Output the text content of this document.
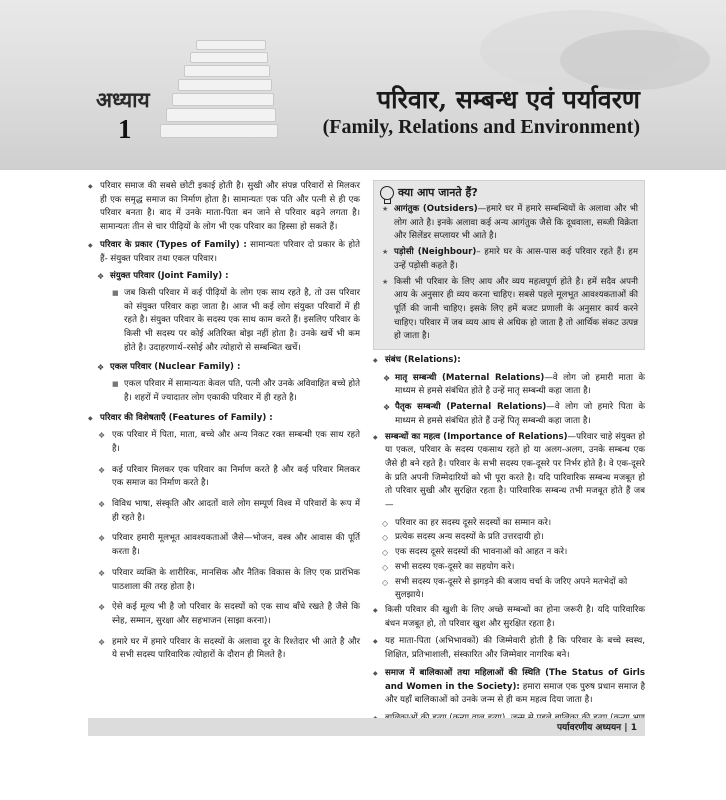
अध्याय
1
परिवार, सम्बन्ध एवं पर्यावरण
(Family, Relations and Environment)
◆ परिवार समाज की सबसे छोटी इकाई होती है। सुखी और संपन्न परिवारों से मिलकर ही एक समृद्ध समाज का निर्माण होता है। सामान्यतः एक पति और पत्नी से ही एक परिवार बनता है। बाद में उनके माता-पिता बन जाने से परिवार बढ़ने लगता है। सामान्यतः तीन से चार पीढ़ियों के लोग भी एक परिवार का हिस्सा हो सकते हैं।
◆ परिवार के प्रकार (Types of Family) : सामान्यतः परिवार दो प्रकार के होते हैं- संयुक्त परिवार तथा एकल परिवार।
❖ संयुक्त परिवार (Joint Family) :
■ जब किसी परिवार में कई पीढ़ियों के लोग एक साथ रहते है, तो उस परिवार को संयुक्त परिवार कहा जाता है। आज भी कई लोग संयुक्त परिवारों में ही रहते है। संयुक्त परिवार के सदस्य एक साथ काम करते हैं। इसलिए परिवार के किसी भी सदस्य पर कोई अतिरिक्त बोझ नहीं होता है। उनके खर्चे भी कम होते है। उदाहरणार्थ–रसोई और त्योहारो से सम्बन्धित खर्चे।
❖ एकल परिवार (Nuclear Family) :
■ एकल परिवार में सामान्यतः केवल पति, पत्नी और उनके अविवाहित बच्चे होते है। शहरों में ज्यादातर लोग एकाकी परिवार में ही रहते है।
◆ परिवार की विशेषताएँ (Features of Family) :
❖ एक परिवार में पिता, माता, बच्चे और अन्य निकट रक्त सम्बन्धी एक साथ रहते है।
❖ कई परिवार मिलकर एक परिवार का निर्माण करते है और कई परिवार मिलकर एक समाज का निर्माण करते है।
❖ विविध भाषा, संस्कृति और आदतों वाले लोग सम्पूर्ण विश्व में परिवारों के रूप में ही रहते है।
❖ परिवार हमारी मूलभूत आवश्यकताओं जैसे—भोजन, वस्त्र और आवास की पूर्ति करता है।
❖ परिवार व्यक्ति के शारीरिक, मानसिक और नैतिक विकास के लिए एक प्रारंभिक पाठशाला की तरह होता है।
❖ ऐसे कई मूल्य भी है जो परिवार के सदस्यों को एक साथ बाँधे रखते है जैसे कि स्नेह, सम्मान, सुरक्षा और सहभाजन (साझा करना)।
❖ हमारे घर में हमारे परिवार के सदस्यों के अलावा दूर के रिश्तेदार भी आते है और ये सभी सदस्य पारिवारिक त्योहारों के दौरान ही मिलते है।
क्या आप जानते हैं?
★ आगंतुक (Outsiders)—हमारे घर में हमारे सम्बन्धियों के अलावा और भी लोग आते है। इनके अलावा कई अन्य आगंतुक जैसे कि दूधवाला, सब्जी विक्रेता और सिलेंडर सप्लायर भी आते है।
★ पड़ोसी (Neighbour)– हमारे घर के आस-पास कई परिवार रहते हैं। हम उन्हें पड़ोसी कहते हैं।
★ किसी भी परिवार के लिए आय और व्यय महत्वपूर्ण होते है। हमें सदैव अपनी आय के अनुसार ही व्यय करना चाहिए। सबसे पहले मूलभूत आवश्यकताओं की पूर्ति की जानी चाहिए। इसके लिए हमें बजट प्रणाली के अनुसार कार्य करने चाहिए। परिवार में जब व्यय आय से अधिक हो जाता है तो आर्थिक संकट उत्पन्न हो जाता है।
◆ संबंध (Relations):
❖ मातृ सम्बन्धी (Maternal Relations)—वे लोग जो हमारी माता के माध्यम से हमसे संबंधित होते है उन्हें मातृ सम्बन्धी कहा जाता है।
❖ पैतृक सम्बन्धी (Paternal Relations)—वे लोग जो हमारे पिता के माध्यम से हमसे संबंधित होते हैं उन्हें पितृ सम्बन्धी कहा जाता है।
◆ सम्बन्धों का महत्व (Importance of Relations)—परिवार चाहे संयुक्त हो या एकल, परिवार के सदस्य एकसाथ रहते हो या अलग-अलग, उनके सम्बन्ध एक जैसे ही बने रहते है। परिवार के सभी सदस्य एक-दूसरे पर निर्भर होते है। वे एक-दूसरे के प्रति अपनी जिम्मेदारियों को भी पूरा करते है। यदि पारिवारिक सम्बन्ध मजबूत हो तो परिवार सुखी और सुरक्षित रहता है। पारिवारिक सम्बन्ध तभी मजबूत होते हैं जब—
◇ परिवार का हर सदस्य दूसरे सदस्यों का सम्मान करे।
◇ प्रत्येक सदस्य अन्य सदस्यों के प्रति उत्तरदायी हो।
◇ एक सदस्य दूसरे सदस्यों की भावनाओं को आहत न करे।
◇ सभी सदस्य एक-दूसरे का सहयोग करे।
◇ सभी सदस्य एक-दूसरे से झगड़ने की बजाय चर्चा के जरिए अपने मतभेदों को सुलझाये।
◆ किसी परिवार की खुशी के लिए अच्छे सम्बन्धों का होना जरूरी है। यदि पारिवारिक बंधन मजबूत हो, तो परिवार खुश और सुरक्षित रहता है।
◆ यह माता-पिता (अभिभावकों) की जिम्मेवारी होती है कि परिवार के बच्चे स्वस्थ, शिक्षित, प्रतिभाशाली, संस्कारित और जिम्मेवार नागरिक बने।
◆ समाज में बालिकाओं तथा महिलाओं की स्थिति (The Status of Girls and Women in the Society): हमारा समाज एक पुरुष प्रधान समाज है और यहाँ बालिकाओं को उनके जन्म से ही कम महत्व दिया जाता है।
◆
पर्यावरणीय अध्ययन | 1
